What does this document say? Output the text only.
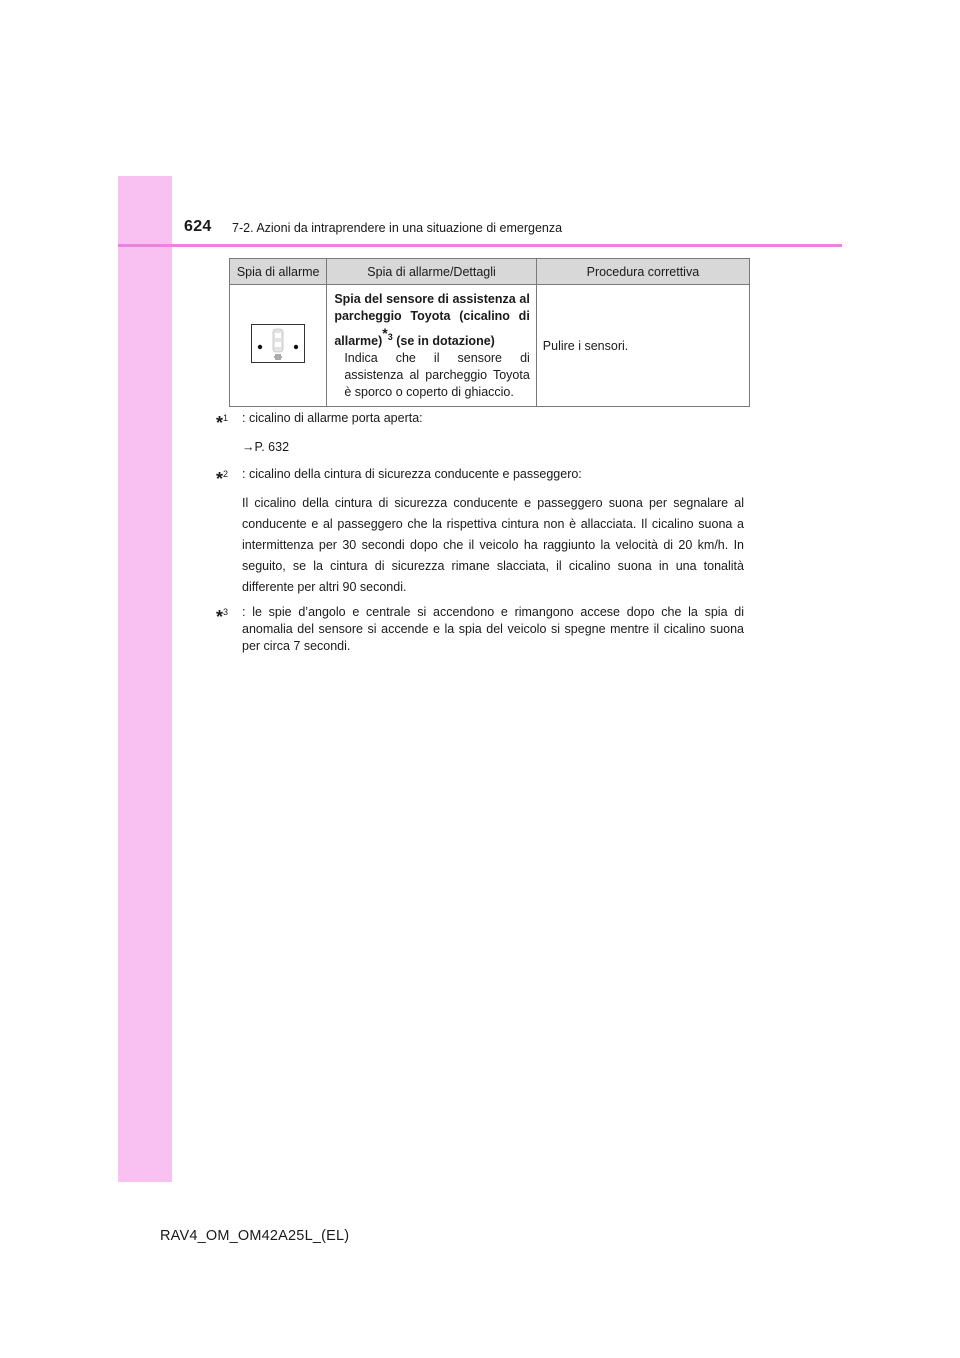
624 7-2. Azioni da intraprendere in una situazione di emergenza
Spia di allarme	Spia di allarme/Dettagli	Procedura correttiva

Spia del sensore di assistenza al parcheggio Toyota (cicalino di allarme)$^{*3}$ (se in dotazione)
Indica che il sensore di assistenza al parcheggio Toyota è sporco o coperto di ghiaccio.	Pulire i sensori.
*$^1$ : cicalino di allarme porta aperta:
→P. 632
*$^2$ : cicalino della cintura di sicurezza conducente e passeggero:
Il cicalino della cintura di sicurezza conducente e passeggero suona per segnalare al conducente e al passeggero che la rispettiva cintura non è allacciata. Il cicalino suona a intermittenza per 30 secondi dopo che il veicolo ha raggiunto la velocità di 20 km/h. In seguito, se la cintura di sicurezza rimane slacciata, il cicalino suona in una tonalità differente per altri 90 secondi.
*$^3$ : le spie d’angolo e centrale si accendono e rimangono accese dopo che la spia di anomalia del sensore si accende e la spia del veicolo si spegne mentre il cicalino suona per circa 7 secondi.
RAV4_OM_OM42A25L_(EL)
